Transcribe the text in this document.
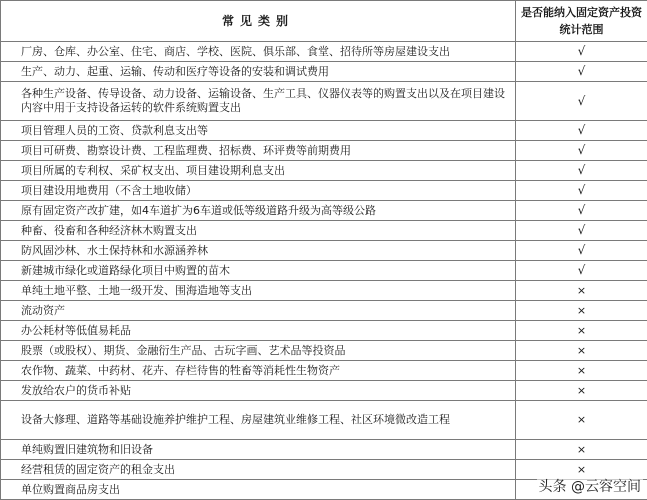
常见类别	是否能纳入固定资产投资统计范围
厂房、仓库、办公室、住宅、商店、学校、医院、俱乐部、食堂、招待所等房屋建设支出	√
生产、动力、起重、运输、传动和医疗等设备的安装和调试费用	√
各种生产设备、传导设备、动力设备、运输设备、生产工具、仪器仪表等的购置支出以及在项目建设内容中用于支持设备运转的软件系统购置支出	√
项目管理人员的工资、贷款利息支出等	√
项目可研费、勘察设计费、工程监理费、招标费、环评费等前期费用	√
项目所属的专利权、采矿权支出、项目建设期利息支出	√
项目建设用地费用（不含土地收储）	√
原有固定资产改扩建，如4车道扩为6车道或低等级道路升级为高等级公路	√
种畜、役畜和各种经济林木购置支出	√
防风固沙林、水土保持林和水源涵养林	√
新建城市绿化或道路绿化项目中购置的苗木	√
单纯土地平整、土地一级开发、围海造地等支出	×
流动资产	×
办公耗材等低值易耗品	×
股票（或股权）、期货、金融衍生产品、古玩字画、艺术品等投资品	×
农作物、蔬菜、中药材、花卉、存栏待售的牲畜等消耗性生物资产	×
发放给农户的货币补贴	×
设备大修理、道路等基础设施养护维护工程、房屋建筑业维修工程、社区环境微改造工程	×
单纯购置旧建筑物和旧设备	×
经营租赁的固定资产的租金支出	×
单位购置商品房支出		头条 @云容空间
